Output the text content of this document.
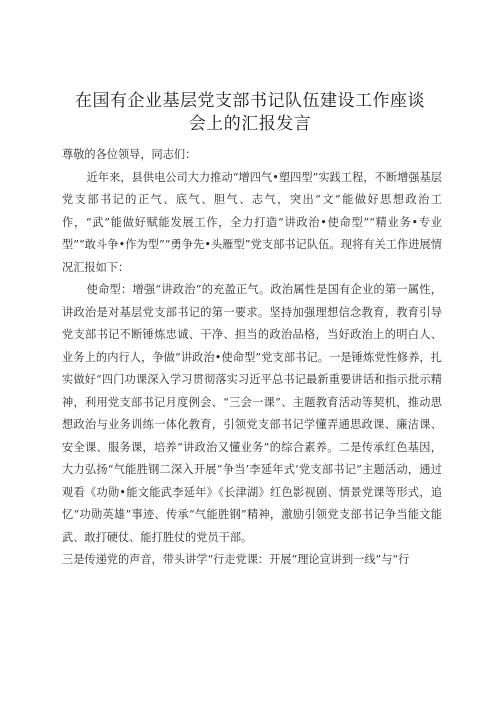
在国有企业基层党支部书记队伍建设工作座谈
会上的汇报发言

尊敬的各位领导，同志们：

近年来，县供电公司大力推动“增四气•塑四型”实践工程，不断增强基层党支部书记的正气、底气、胆气、志气，突出“文”能做好思想政治工作，“武”能做好赋能发展工作，全力打造“讲政治•使命型”“精业务•专业型”“敢斗争•作为型”“勇争先•头雁型”党支部书记队伍。现将有关工作进展情况汇报如下：

使命型：增强“讲政治”的充盈正气。政治属性是国有企业的第一属性，讲政治是对基层党支部书记的第一要求。坚持加强理想信念教育，教育引导党支部书记不断锤炼忠诚、干净、担当的政治品格，当好政治上的明白人、业务上的内行人，争做“讲政治•使命型”党支部书记。一是锤炼党性修养，扎实做好“四门功课深入学习贯彻落实习近平总书记最新重要讲话和指示批示精神，利用党支部书记月度例会、“三会一课”、主题教育活动等契机，推动思想政治与业务训练一体化教育，引领党支部书记学懂弄通思政课、廉洁课、安全课、服务课，培养“讲政治又懂业务”的综合素养。二是传承红色基因，大力弘扬“气能胜钢二深入开展”争当’李延年式’党支部书记”主题活动，通过观看《功勋•能文能武李延年》《长津湖》红色影视剧、情景党课等形式，追忆“功勋英雄”事迹、传承“气能胜钢”精神，激励引领党支部书记争当能文能武、敢打硬仗、能打胜仗的党员干部。

三是传递党的声音，带头讲学“行走党课：开展“理论宣讲到一线”与“行
